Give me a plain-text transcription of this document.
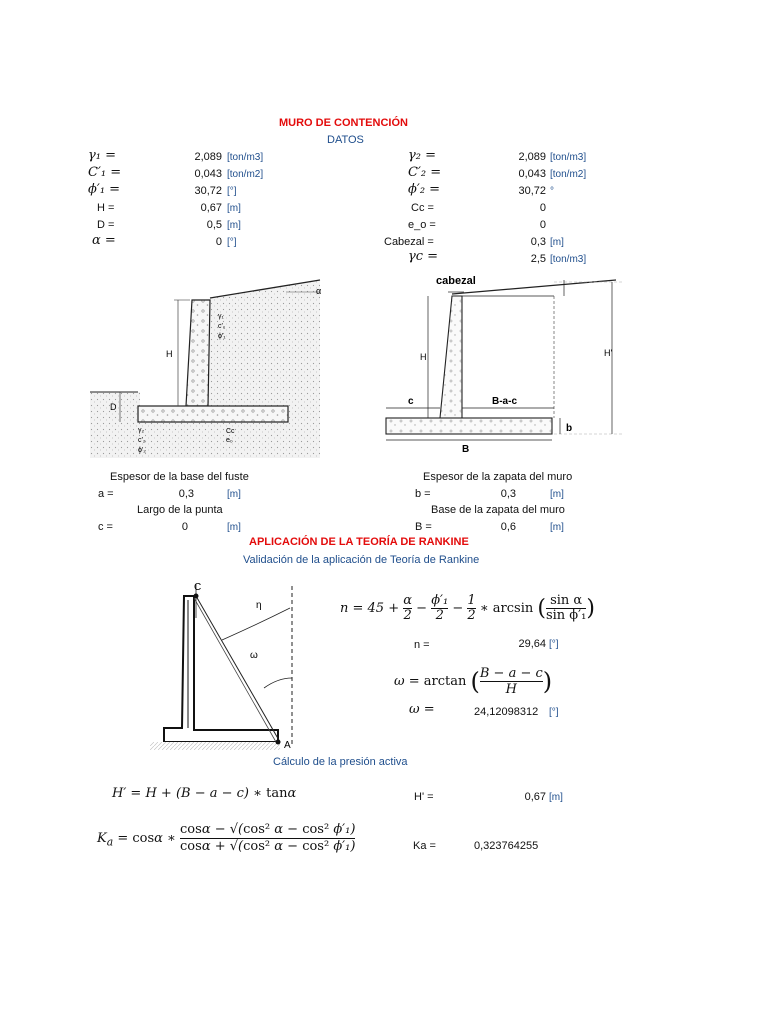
MURO DE CONTENCIÓN
DATOS
γ₁ =	2,089 [ton/m3]
C′₁ =	0,043 [ton/m2]
ϕ′₁ =	30,72 [°]
H =	0,67 [m]
D =	0,5 [m]
α =	0 [°]
γ₂ =	2,089 [ton/m3]
C′₂ =	0,043 [ton/m2]
ϕ′₂ =	30,72 °
Cc =	0
e_o =	0
Cabezal =	0,3 [m]
γc =	2,5 [ton/m3]
H
D
α
γ₁
c′₁
ϕ′₁
γ₂
c′₂
ϕ′₂
Cc
e₀
cabezal
H	H'
c	B-a-c
b
B
Espesor de la base del fuste
a =	0,3	[m]
Largo de la punta
c =	0	[m]
Espesor de la zapata del muro
b =	0,3	[m]
Base de la zapata del muro
B =	0,6	[m]
APLICACIÓN DE LA TEORÍA DE RANKINE
Validación de la aplicación de Teoría de Rankine
C
η
ω
A
$n = 45 + \frac{\alpha}{2} - \frac{\text{ϕ′₁}}{2} - \frac{1}{2}$ ∗ arcsin ( $\frac{\text{sin α}}{\text{sin ϕ′₁}}$ )
n =	29,64 [°]
ω = arctan ( $\frac{B - a - c}{H}$ )
ω =	24,12098312 [°]
Cálculo de la presión activa
H′ = H + (B − a − c) ∗ tanα	H' =	0,67 [m]
$K_a = \cos\alpha$ ∗ $\frac{\text{cosα − √(cos² α − cos² ϕ′₁)}}{\text{cosα + √(cos² α − cos² ϕ′₁)}}$	Ka =	0,323764255
